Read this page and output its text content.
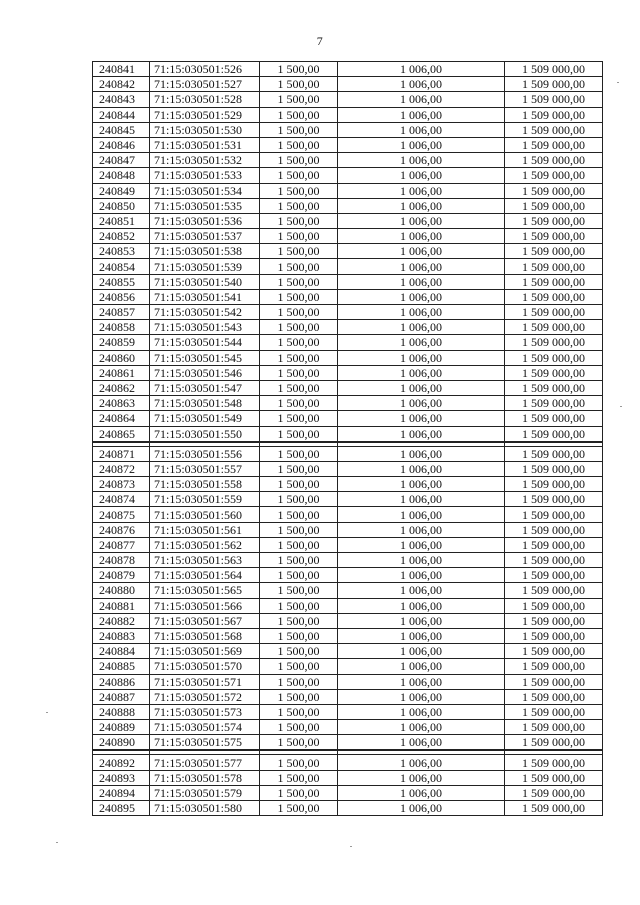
7
240841	71:15:030501:526	1 500,00	1 006,00	1 509 000,00
240842	71:15:030501:527	1 500,00	1 006,00	1 509 000,00
240843	71:15:030501:528	1 500,00	1 006,00	1 509 000,00
240844	71:15:030501:529	1 500,00	1 006,00	1 509 000,00
240845	71:15:030501:530	1 500,00	1 006,00	1 509 000,00
240846	71:15:030501:531	1 500,00	1 006,00	1 509 000,00
240847	71:15:030501:532	1 500,00	1 006,00	1 509 000,00
240848	71:15:030501:533	1 500,00	1 006,00	1 509 000,00
240849	71:15:030501:534	1 500,00	1 006,00	1 509 000,00
240850	71:15:030501:535	1 500,00	1 006,00	1 509 000,00
240851	71:15:030501:536	1 500,00	1 006,00	1 509 000,00
240852	71:15:030501:537	1 500,00	1 006,00	1 509 000,00
240853	71:15:030501:538	1 500,00	1 006,00	1 509 000,00
240854	71:15:030501:539	1 500,00	1 006,00	1 509 000,00
240855	71:15:030501:540	1 500,00	1 006,00	1 509 000,00
240856	71:15:030501:541	1 500,00	1 006,00	1 509 000,00
240857	71:15:030501:542	1 500,00	1 006,00	1 509 000,00
240858	71:15:030501:543	1 500,00	1 006,00	1 509 000,00
240859	71:15:030501:544	1 500,00	1 006,00	1 509 000,00
240860	71:15:030501:545	1 500,00	1 006,00	1 509 000,00
240861	71:15:030501:546	1 500,00	1 006,00	1 509 000,00
240862	71:15:030501:547	1 500,00	1 006,00	1 509 000,00
240863	71:15:030501:548	1 500,00	1 006,00	1 509 000,00
240864	71:15:030501:549	1 500,00	1 006,00	1 509 000,00
240865	71:15:030501:550	1 500,00	1 006,00	1 509 000,00

240871	71:15:030501:556	1 500,00	1 006,00	1 509 000,00
240872	71:15:030501:557	1 500,00	1 006,00	1 509 000,00
240873	71:15:030501:558	1 500,00	1 006,00	1 509 000,00
240874	71:15:030501:559	1 500,00	1 006,00	1 509 000,00
240875	71:15:030501:560	1 500,00	1 006,00	1 509 000,00
240876	71:15:030501:561	1 500,00	1 006,00	1 509 000,00
240877	71:15:030501:562	1 500,00	1 006,00	1 509 000,00
240878	71:15:030501:563	1 500,00	1 006,00	1 509 000,00
240879	71:15:030501:564	1 500,00	1 006,00	1 509 000,00
240880	71:15:030501:565	1 500,00	1 006,00	1 509 000,00
240881	71:15:030501:566	1 500,00	1 006,00	1 509 000,00
240882	71:15:030501:567	1 500,00	1 006,00	1 509 000,00
240883	71:15:030501:568	1 500,00	1 006,00	1 509 000,00
240884	71:15:030501:569	1 500,00	1 006,00	1 509 000,00
240885	71:15:030501:570	1 500,00	1 006,00	1 509 000,00
240886	71:15:030501:571	1 500,00	1 006,00	1 509 000,00
240887	71:15:030501:572	1 500,00	1 006,00	1 509 000,00
240888	71:15:030501:573	1 500,00	1 006,00	1 509 000,00
240889	71:15:030501:574	1 500,00	1 006,00	1 509 000,00
240890	71:15:030501:575	1 500,00	1 006,00	1 509 000,00

240892	71:15:030501:577	1 500,00	1 006,00	1 509 000,00
240893	71:15:030501:578	1 500,00	1 006,00	1 509 000,00
240894	71:15:030501:579	1 500,00	1 006,00	1 509 000,00
240895	71:15:030501:580	1 500,00	1 006,00	1 509 000,00
